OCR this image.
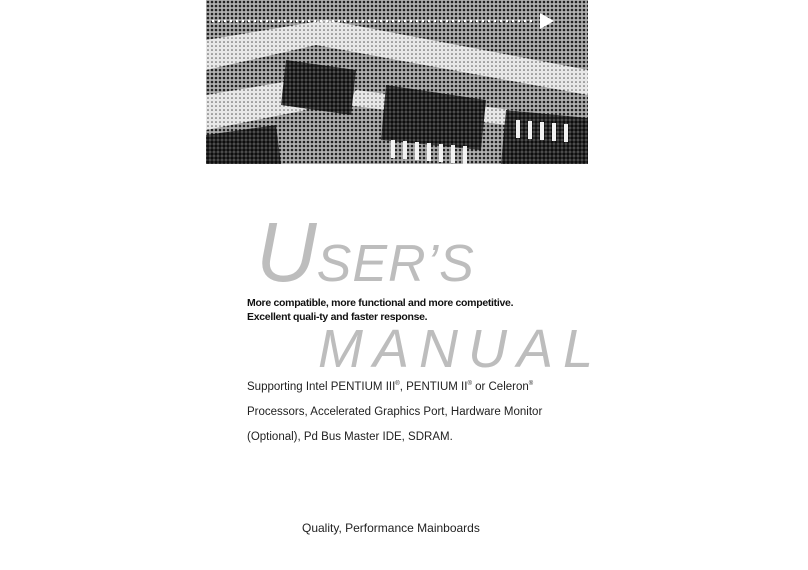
USER’S
More compatible, more functional and more competitive. Excellent quali-ty and faster response.
MANUAL

Supporting Intel PENTIUM III®, PENTIUM II® or Celeron®

Processors, Accelerated Graphics Port, Hardware Monitor

(Optional), Pd Bus Master IDE, SDRAM.

Quality, Performance Mainboards
